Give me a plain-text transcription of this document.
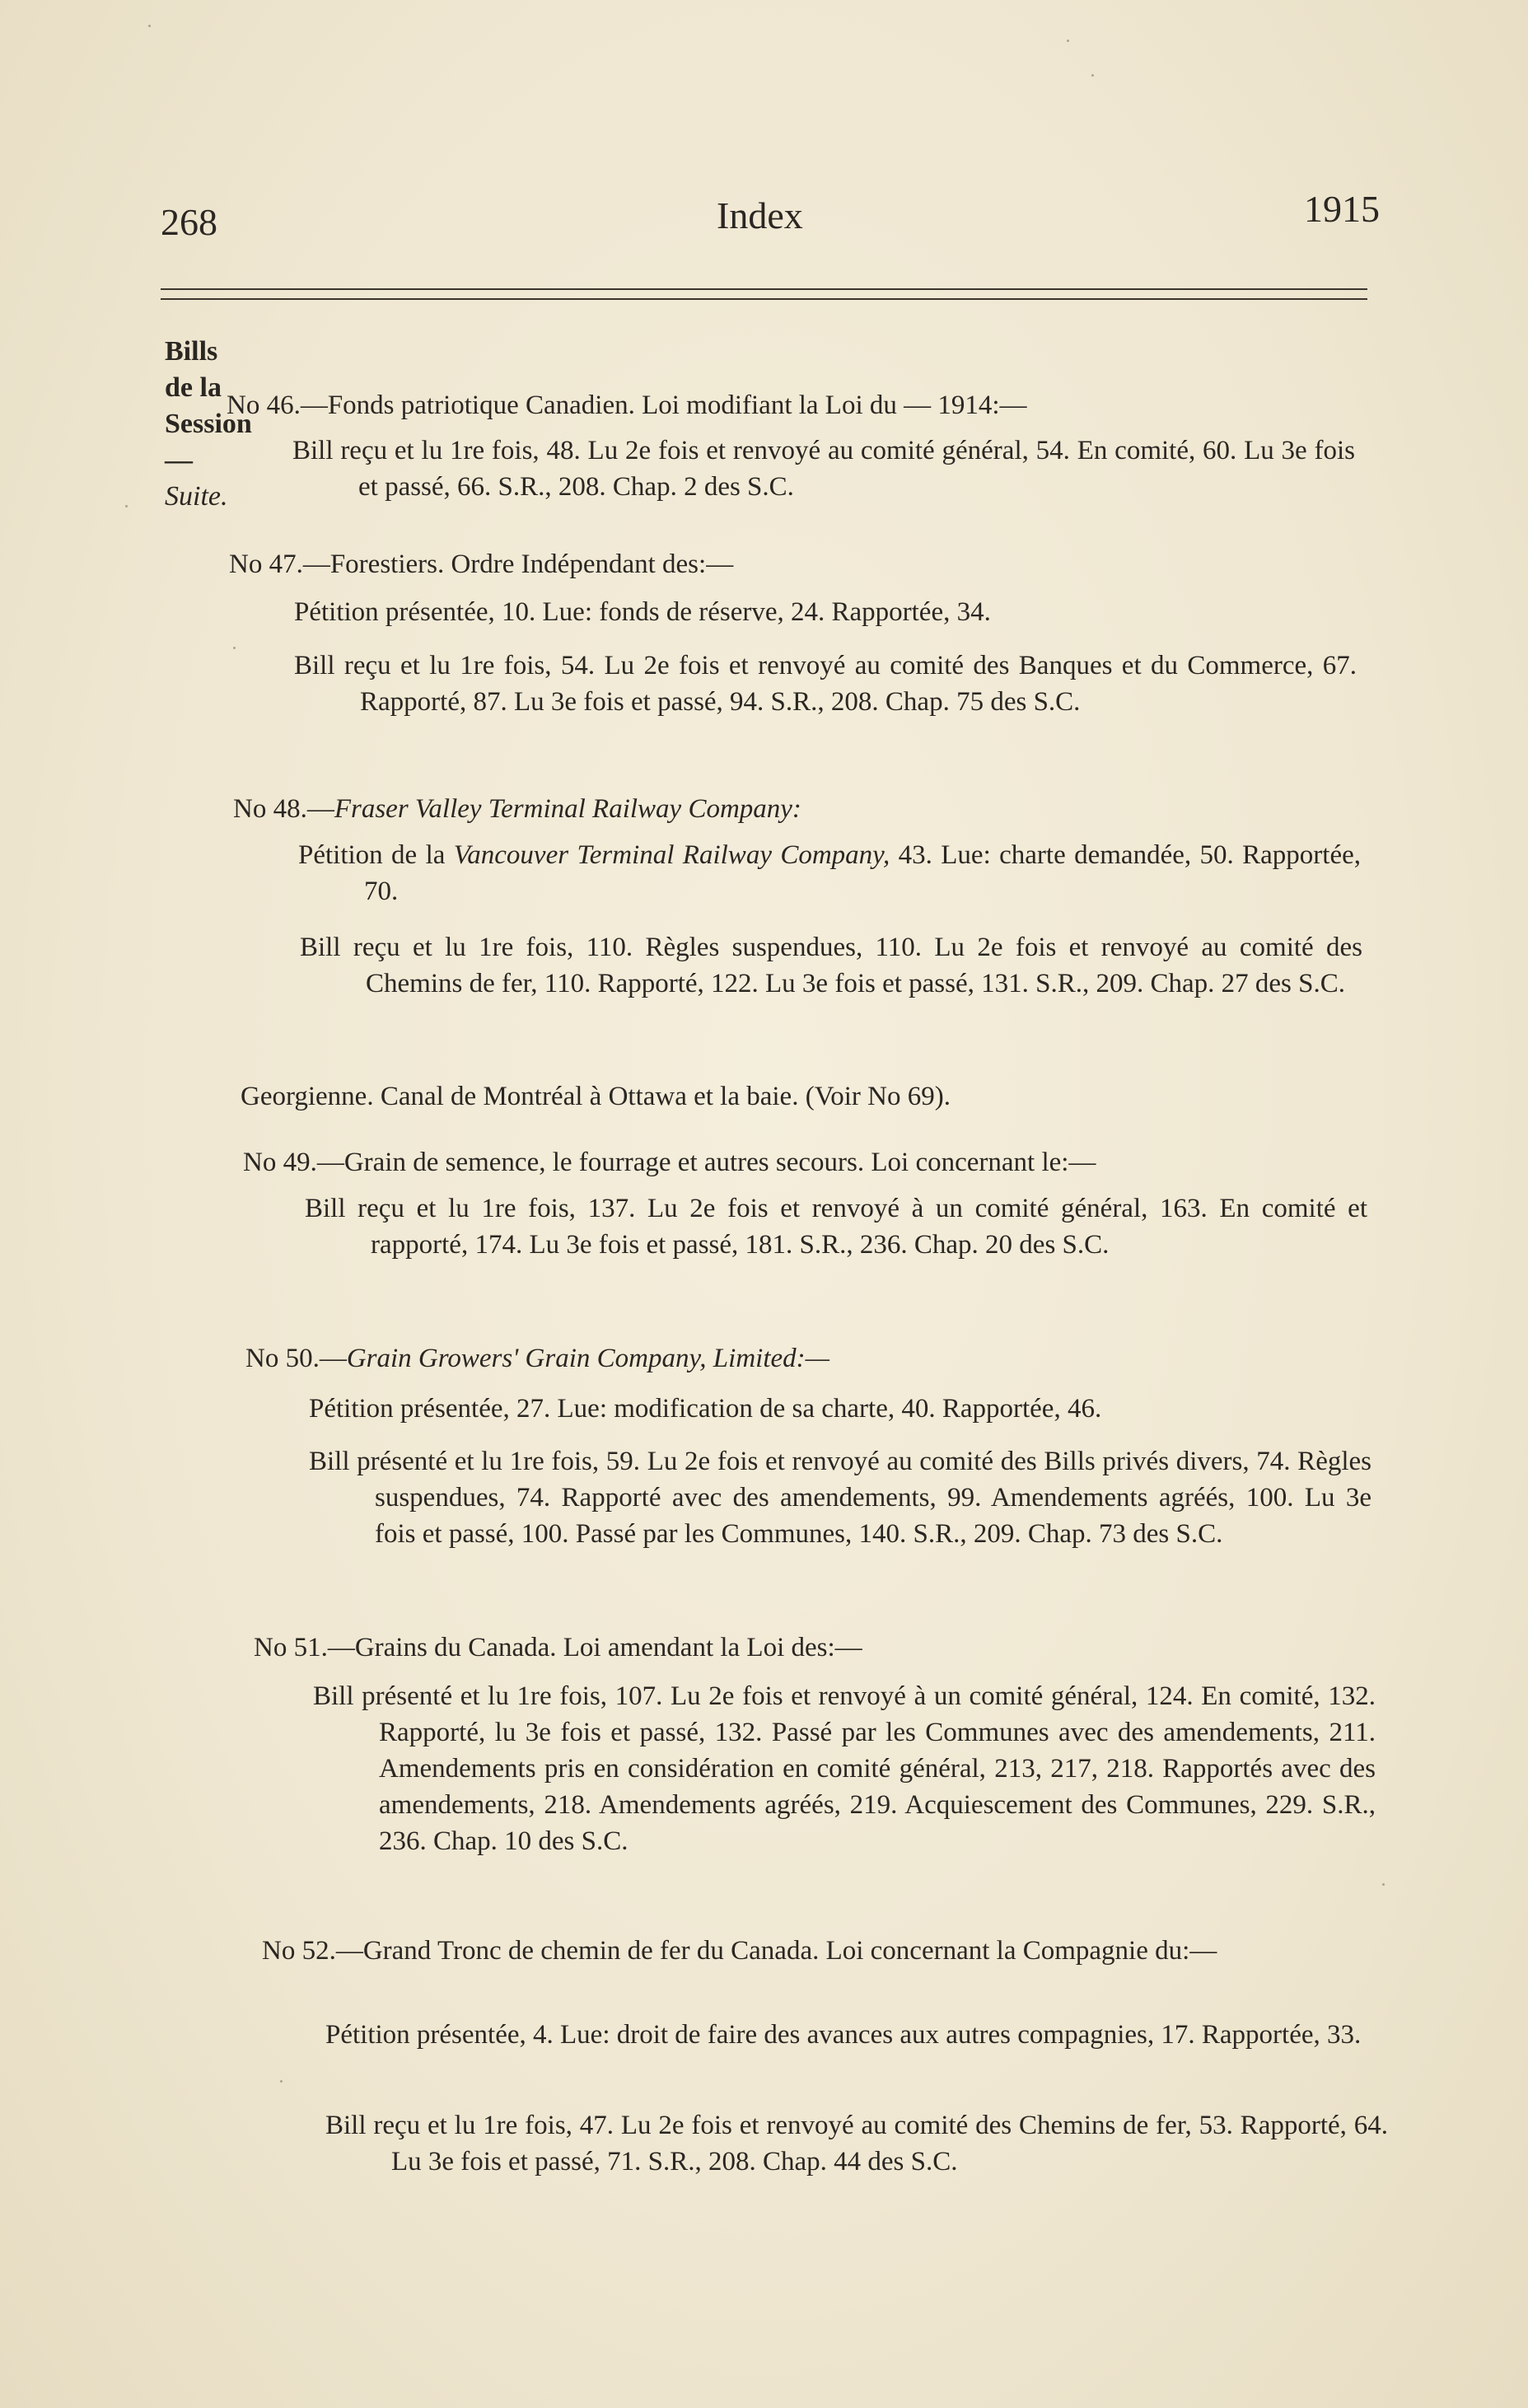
268	Index	1915
Bills de la Session—Suite.
No 46.—Fonds patriotique Canadien. Loi modifiant la Loi du — 1914:—
Bill reçu et lu 1re fois, 48. Lu 2e fois et renvoyé au comité général, 54. En comité, 60. Lu 3e fois et passé, 66. S.R., 208. Chap. 2 des S.C.
No 47.—Forestiers. Ordre Indépendant des:—
Pétition présentée, 10. Lue: fonds de réserve, 24. Rapportée, 34.
Bill reçu et lu 1re fois, 54. Lu 2e fois et renvoyé au comité des Banques et du Commerce, 67. Rapporté, 87. Lu 3e fois et passé, 94. S.R., 208. Chap. 75 des S.C.
No 48.—Fraser Valley Terminal Railway Company:
Pétition de la Vancouver Terminal Railway Company, 43. Lue: charte demandée, 50. Rapportée, 70.
Bill reçu et lu 1re fois, 110. Règles suspendues, 110. Lu 2e fois et renvoyé au comité des Chemins de fer, 110. Rapporté, 122. Lu 3e fois et passé, 131. S.R., 209. Chap. 27 des S.C.
Georgienne. Canal de Montréal à Ottawa et la baie. (Voir No 69).
No 49.—Grain de semence, le fourrage et autres secours. Loi concernant le:—
Bill reçu et lu 1re fois, 137. Lu 2e fois et renvoyé à un comité général, 163. En comité et rapporté, 174. Lu 3e fois et passé, 181. S.R., 236. Chap. 20 des S.C.
No 50.—Grain Growers' Grain Company, Limited:—
Pétition présentée, 27. Lue: modification de sa charte, 40. Rapportée, 46.
Bill présenté et lu 1re fois, 59. Lu 2e fois et renvoyé au comité des Bills privés divers, 74. Règles suspendues, 74. Rapporté avec des amendements, 99. Amendements agréés, 100. Lu 3e fois et passé, 100. Passé par les Communes, 140. S.R., 209. Chap. 73 des S.C.
No 51.—Grains du Canada. Loi amendant la Loi des:—
Bill présenté et lu 1re fois, 107. Lu 2e fois et renvoyé à un comité général, 124. En comité, 132. Rapporté, lu 3e fois et passé, 132. Passé par les Communes avec des amendements, 211. Amendements pris en considération en comité général, 213, 217, 218. Rapportés avec des amendements, 218. Amendements agréés, 219. Acquiescement des Communes, 229. S.R., 236. Chap. 10 des S.C.
No 52.—Grand Tronc de chemin de fer du Canada. Loi concernant la Compagnie du:—
Pétition présentée, 4. Lue: droit de faire des avances aux autres compagnies, 17. Rapportée, 33.
Bill reçu et lu 1re fois, 47. Lu 2e fois et renvoyé au comité des Chemins de fer, 53. Rapporté, 64. Lu 3e fois et passé, 71. S.R., 208. Chap. 44 des S.C.
